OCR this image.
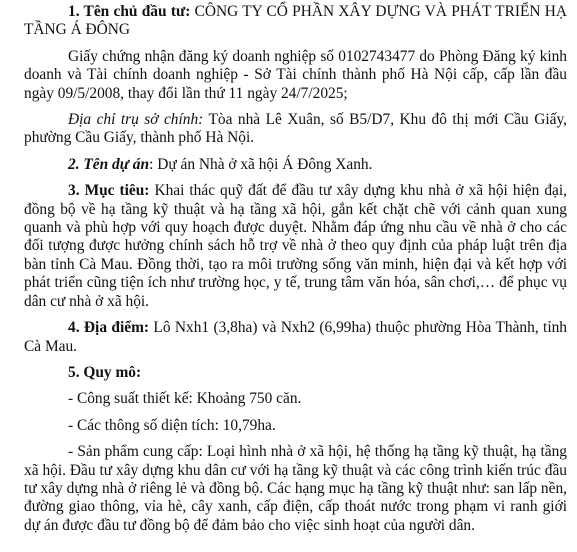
1. Tên chủ đầu tư: CÔNG TY CỔ PHẦN XÂY DỰNG VÀ PHÁT TRIỂN HẠ TẦNG Á ĐÔNG

Giấy chứng nhận đăng ký doanh nghiệp số 0102743477 do Phòng Đăng ký kinh doanh và Tài chính doanh nghiệp - Sở Tài chính thành phố Hà Nội cấp, cấp lần đầu ngày 09/5/2008, thay đổi lần thứ 11 ngày 24/7/2025;

Địa chỉ trụ sở chính: Tòa nhà Lê Xuân, số B5/D7, Khu đô thị mới Cầu Giấy, phường Cầu Giấy, thành phố Hà Nội.

2. Tên dự án: Dự án Nhà ở xã hội Á Đông Xanh.

3. Mục tiêu: Khai thác quỹ đất để đầu tư xây dựng khu nhà ở xã hội hiện đại, đồng bộ về hạ tầng kỹ thuật và hạ tầng xã hội, gắn kết chặt chẽ với cảnh quan xung quanh và phù hợp với quy hoạch được duyệt. Nhằm đáp ứng nhu cầu về nhà ở cho các đối tượng được hưởng chính sách hỗ trợ về nhà ở theo quy định của pháp luật trên địa bàn tỉnh Cà Mau. Đồng thời, tạo ra môi trường sống văn minh, hiện đại và kết hợp với phát triển cũng tiện ích như trường học, y tế, trung tâm văn hóa, sân chơi,… để phục vụ dân cư nhà ở xã hội.

4. Địa điểm: Lô Nxh1 (3,8ha) và Nxh2 (6,99ha) thuộc phường Hòa Thành, tỉnh Cà Mau.

5. Quy mô:

- Công suất thiết kế: Khoảng 750 căn.

- Các thông số diện tích: 10,79ha.

- Sản phẩm cung cấp: Loại hình nhà ở xã hội, hệ thống hạ tầng kỹ thuật, hạ tầng xã hội. Đầu tư xây dựng khu dân cư với hạ tầng kỹ thuật và các công trình kiến trúc đầu tư xây dựng nhà ở riêng lẻ và đồng bộ. Các hạng mục hạ tầng kỹ thuật như: san lấp nền, đường giao thông, vỉa hè, cây xanh, cấp điện, cấp thoát nước trong phạm vi ranh giới dự án được đầu tư đồng bộ để đảm bảo cho việc sinh hoạt của người dân.
